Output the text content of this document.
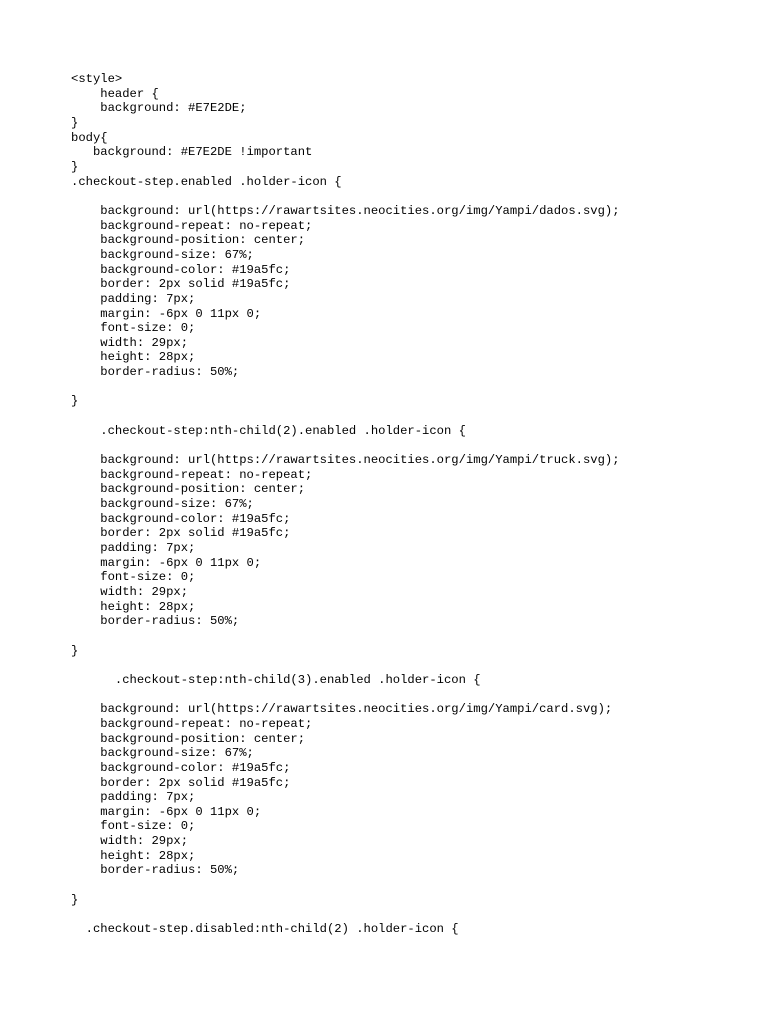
<style>
header {
background: #E7E2DE;
}
body{
background: #E7E2DE !important
}
.checkout-step.enabled .holder-icon {
background: url(https://rawartsites.neocities.org/img/Yampi/dados.svg);
background-repeat: no-repeat;
background-position: center;
background-size: 67%;
background-color: #19a5fc;
border: 2px solid #19a5fc;
padding: 7px;
margin: -6px 0 11px 0;
font-size: 0;
width: 29px;
height: 28px;
border-radius: 50%;
}
.checkout-step:nth-child(2).enabled .holder-icon {
background: url(https://rawartsites.neocities.org/img/Yampi/truck.svg);
background-repeat: no-repeat;
background-position: center;
background-size: 67%;
background-color: #19a5fc;
border: 2px solid #19a5fc;
padding: 7px;
margin: -6px 0 11px 0;
font-size: 0;
width: 29px;
height: 28px;
border-radius: 50%;
}
.checkout-step:nth-child(3).enabled .holder-icon {
background: url(https://rawartsites.neocities.org/img/Yampi/card.svg);
background-repeat: no-repeat;
background-position: center;
background-size: 67%;
background-color: #19a5fc;
border: 2px solid #19a5fc;
padding: 7px;
margin: -6px 0 11px 0;
font-size: 0;
width: 29px;
height: 28px;
border-radius: 50%;
}
.checkout-step.disabled:nth-child(2) .holder-icon {
